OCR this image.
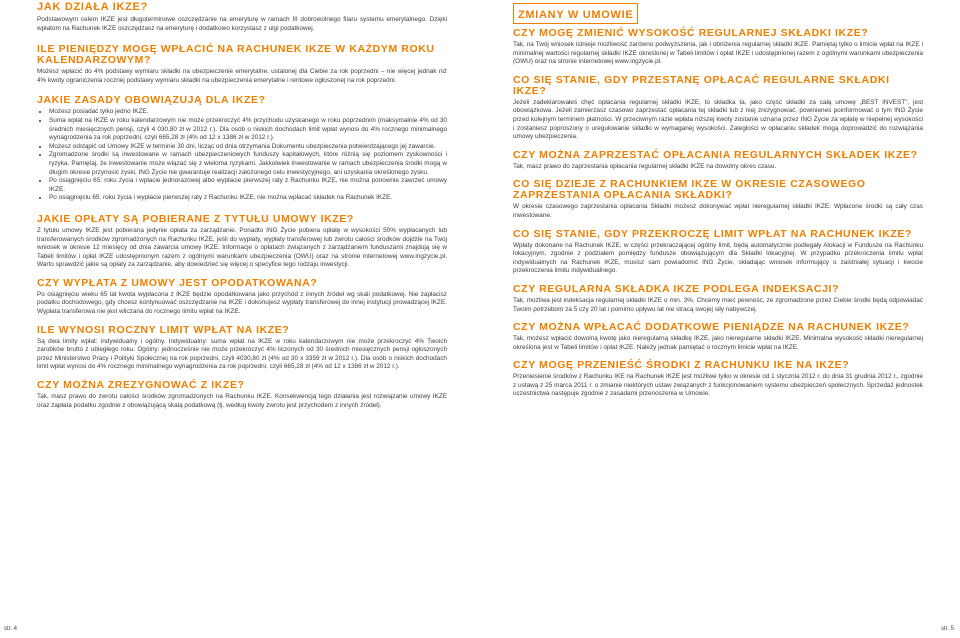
JAK DZIAŁA IKZE?

Podstawowym celem IKZE jest długoterminowe oszczędzanie na emeryturę w ramach III dobrowolnego filaru systemu emerytalnego. Dzięki wpłatom na Rachunek IKZE oszczędzasz na emeryturę i dodatkowo korzystasz z ulgi podatkowej.

ILE PIENIĘDZY MOGĘ WPŁACIĆ NA RACHUNEK IKZE W KAŻDYM ROKU KALENDARZOWYM?

Możesz wpłacić do 4% podstawy wymiaru składki na ubezpieczenie emerytalne, ustalonej dla Ciebie za rok poprzedni – nie więcej jednak niż 4% kwoty ograniczenia rocznej podstawy wymiaru składki na ubezpieczenia emerytalne i rentowe ogłoszonej na rok poprzedni.

JAKIE ZASADY OBOWIĄZUJĄ DLA IKZE?
• Możesz posiadać tylko jedno IKZE.
• Suma wpłat na IKZE w roku kalendarzowym nie może przekroczyć 4% przychodu uzyskanego w roku poprzednim (maksymalnie 4% od 30 średnich miesięcznych pensji, czyli 4 030,80 zł w 2012 r.). Dla osób o niskich dochodach limit wpłat wynosi do 4% rocznego minimalnego wynagrodzenia za rok poprzedni, czyli 665,28 zł (4% od 12 x 1386 zł w 2012 r.).
• Możesz odstąpić od Umowy IKZE w terminie 30 dni, licząc od dnia otrzymania Dokumentu ubezpieczenia potwierdzającego jej zawarcie.
• Zgromadzone środki są inwestowane w ramach ubezpieczeniowych funduszy kapitałowych, które różnią się poziomem zyskowności i ryzyka. Pamiętaj, że inwestowanie może wiązać się z wieloma ryzykami. Jakkolwiek inwestowanie w ramach ubezpieczenia środki mogą w długim okresie przynosić zyski, ING Życie nie gwarantuje realizacji założonego celu inwestycyjnego, ani uzyskania określonego zysku.
• Po osiągnięciu 65. roku życia i wpłacie jednorazowej albo wypłacie pierwszej raty z Rachunku IKZE, nie można ponownie zawrzeć umowy IKZE.
• Po osiągnięciu 65. roku życia i wypłacie pierwszej raty z Rachunku IKZE, nie można wpłacać składek na Rachunek IKZE.
JAKIE OPŁATY SĄ POBIERANE Z TYTUŁU UMOWY IKZE?

Z tytułu umowy IKZE jest pobierana jedynie opłata za zarządzanie. Ponadto ING Życie pobiera opłatę w wysokości 50% wypłacanych lub transferowanych środków zgromadzonych na Rachunku IKZE, jeśli do wypłaty, wypłaty transferowej lub zwrotu całości środków dojdzie na Twój wniosek w okresie 12 miesięcy od dnia zawarcia umowy IKZE. Informacje o opłatach związanych z zarządzaniem funduszami znajdują się w Tabeli limitów i opłat IKZE udostępnionym razem z ogólnymi warunkami ubezpieczenia (OWU) oraz na stronie internetowej www.ingzycie.pl. Warto sprawdzić jakie są opłaty za zarządzanie, aby dowiedzieć się więcej o specyfice tego rodzaju inwestycji.

CZY WYPŁATA Z UMOWY JEST OPODATKOWANA?

Po osiągnięciu wieku 65 lat kwota wypłacona z IKZE będzie opodatkowana jako przychód z innych źródeł wg skali podatkowej. Nie zapłacisz podatku dochodowego, gdy chcesz kontynuować oszczędzanie na IKZE i dokonujesz wypłaty transferowej do innej instytucji prowadzącej IKZE. Wypłata transferowa nie jest wliczana do rocznego limitu wpłat na IKZE.

ILE WYNOSI ROCZNY LIMIT WPŁAT NA IKZE?

Są dwa limity wpłat: indywidualny i ogólny. Indywidualny: suma wpłat na IKZE w roku kalendarzowym nie może przekroczyć 4% Twoich zarobków brutto z ubiegłego roku. Ogólny: jednocześnie nie może przekroczyć 4% liczonych od 30 średnich miesięcznych pensji ogłoszonych przez Ministerstwo Pracy i Polityki Społecznej na rok poprzedni, czyli 4030,80 zł (4% od 30 x 3359 zł w 2012 r.). Dla osób o niskich dochodach limit wpłat wynosi do 4% rocznego minimalnego wynagrodzenia za rok poprzedni, czyli 665,28 zł (4% od 12 x 1386 zł w 2012 r.).

CZY MOŻNA ZREZYGNOWAĆ Z IKZE?

Tak, masz prawo do zwrotu całości środków zgromadzonych na Rachunku IKZE. Konsekwencją tego działania jest rozwiązanie umowy IKZE oraz zapłata podatku zgodnie z obowiązującą skalą podatkową (tj. według kwoty zwrotu jest przychodem z innych źródeł).

ZMIANY W UMOWIE
CZY MOGĘ ZMIENIĆ WYSOKOŚĆ REGULARNEJ SKŁADKI IKZE?

Tak, na Twój wniosek istnieje możliwość zarówno podwyższenia, jak i obniżenia regularnej składki IKZE. Pamiętaj tylko o limicie wpłat na IKZE i minimalnej wartości regularnej składki IKZE określonej w Tabeli limitów i opłat IKZE i udostępnionej razem z ogólnymi warunkami ubezpieczenia (OWU) oraz na stronie internetowej www.ingzycie.pl.

CO SIĘ STANIE, GDY PRZESTANĘ OPŁACAĆ REGULARNE SKŁADKI IKZE?

Jeżeli zadeklarowałeś chęć opłacania regularnej składki IKZE, to składka ta, jako część składki za całą umowę „BEST INVEST", jest obowiązkowa. Jeżeli zamierzasz czasowo zaprzestać opłacania tej składki lub z niej zrezygnować, powinieneś poinformować o tym ING Życie przed kolejnym terminem płatności. W przeciwnym razie wpłata niższej kwoty zostanie uznana przez ING Życie za wpłatę w niepełnej wysokości i zostaniesz poproszony o uregulowanie składki w wymaganej wysokości. Zaległości w opłacaniu składek mogą doprowadzić do rozwiązania umowy ubezpieczenia.

CZY MOŻNA ZAPRZESTAĆ OPŁACANIA REGULARNYCH SKŁADEK IKZE?

Tak, masz prawo do zaprzestania opłacania regularnej składki IKZE na dowolny okres czasu.

CO SIĘ DZIEJE Z RACHUNKIEM IKZE W OKRESIE CZASOWEGO ZAPRZESTANIA OPŁACANIA SKŁADKI?

W okresie czasowego zaprzestania opłacania Składki możesz dokonywać wpłat nieregularnej składki IKZE. Wpłacone środki są cały czas inwestowane.

CO SIĘ STANIE, GDY PRZEKROCZĘ LIMIT WPŁAT NA RACHUNEK IKZE?

Wpłaty dokonane na Rachunek IKZE, w części przekraczającej ogólny limit, będą automatycznie podlegały Alokacji w Fundusze na Rachunku lokacyjnym, zgodnie z podziałem pomiędzy fundusze obowiązującym dla Składki lokacyjnej. W przypadku przekroczenia limitu wpłat indywidualnych na Rachunek IKZE, musisz sam powiadomić ING Życie, składając wniosek informujący o zaistniałej sytuacji i kwocie przekroczenia limitu indywidualnego.

CZY REGULARNA SKŁADKA IKZE PODLEGA INDEKSACJI?

Tak, możliwa jest indeksacja regularnej składki IKZE o min. 3%. Chcemy mieć pewność, że zgromadzone przez Ciebie środki będą odpowiadać Twoim potrzebom za 5 czy 20 lat i pomimo upływu lat nie stracą swojej siły nabywczej.

CZY MOŻNA WPŁACAĆ DODATKOWE PIENIĄDZE NA RACHUNEK IKZE?

Tak, możesz wpłacić dowolną kwotę jako nieregularną składkę IKZE, jako nieregularne składki IKZE. Minimalna wysokość składki nieregularnej określona jest w Tabeli limitów i opłat IKZE. Należy jednak pamiętać o rocznym limicie wpłat na IKZE.

CZY MOGĘ PRZENIEŚĆ ŚRODKI Z RACHUNKU IKE NA IKZE?

Przeniesienie środków z Rachunku IKE na Rachunek IKZE jest możliwe tylko w okresie od 1 stycznia 2012 r. do dnia 31 grudnia 2012 r., zgodnie z ustawą z 25 marca 2011 r. o zmianie niektórych ustaw związanych z funkcjonowaniem systemu ubezpieczeń społecznych. Sprzedaż jednostek uczestnictwa następuje zgodnie z zasadami przenoszenia w Umowie.

str. 4	str. 5
